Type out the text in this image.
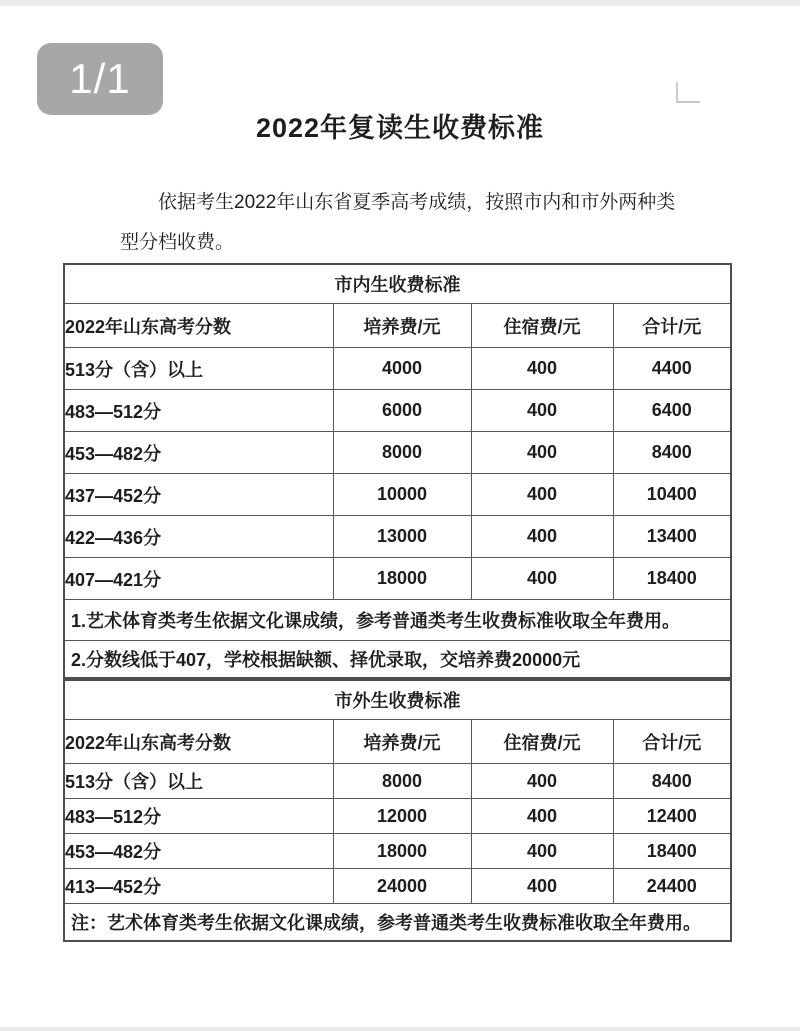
1/1
2022年复读生收费标准
依据考生2022年山东省夏季高考成绩，按照市内和市外两种类
型分档收费。
市内生收费标准			
2022年山东高考分数	培养费/元	住宿费/元	合计/元
513分（含）以上	4000	400	4400
483—512分	6000	400	6400
453—482分	8000	400	8400
437—452分	10000	400	10400
422—436分	13000	400	13400
407—421分	18000	400	18400
1.艺术体育类考生依据文化课成绩，参考普通类考生收费标准收取全年费用。			
2.分数线低于407，学校根据缺额、择优录取，交培养费20000元			
市外生收费标准			
2022年山东高考分数	培养费/元	住宿费/元	合计/元
513分（含）以上	8000	400	8400
483—512分	12000	400	12400
453—482分	18000	400	18400
413—452分	24000	400	24400
注：艺术体育类考生依据文化课成绩，参考普通类考生收费标准收取全年费用。			
